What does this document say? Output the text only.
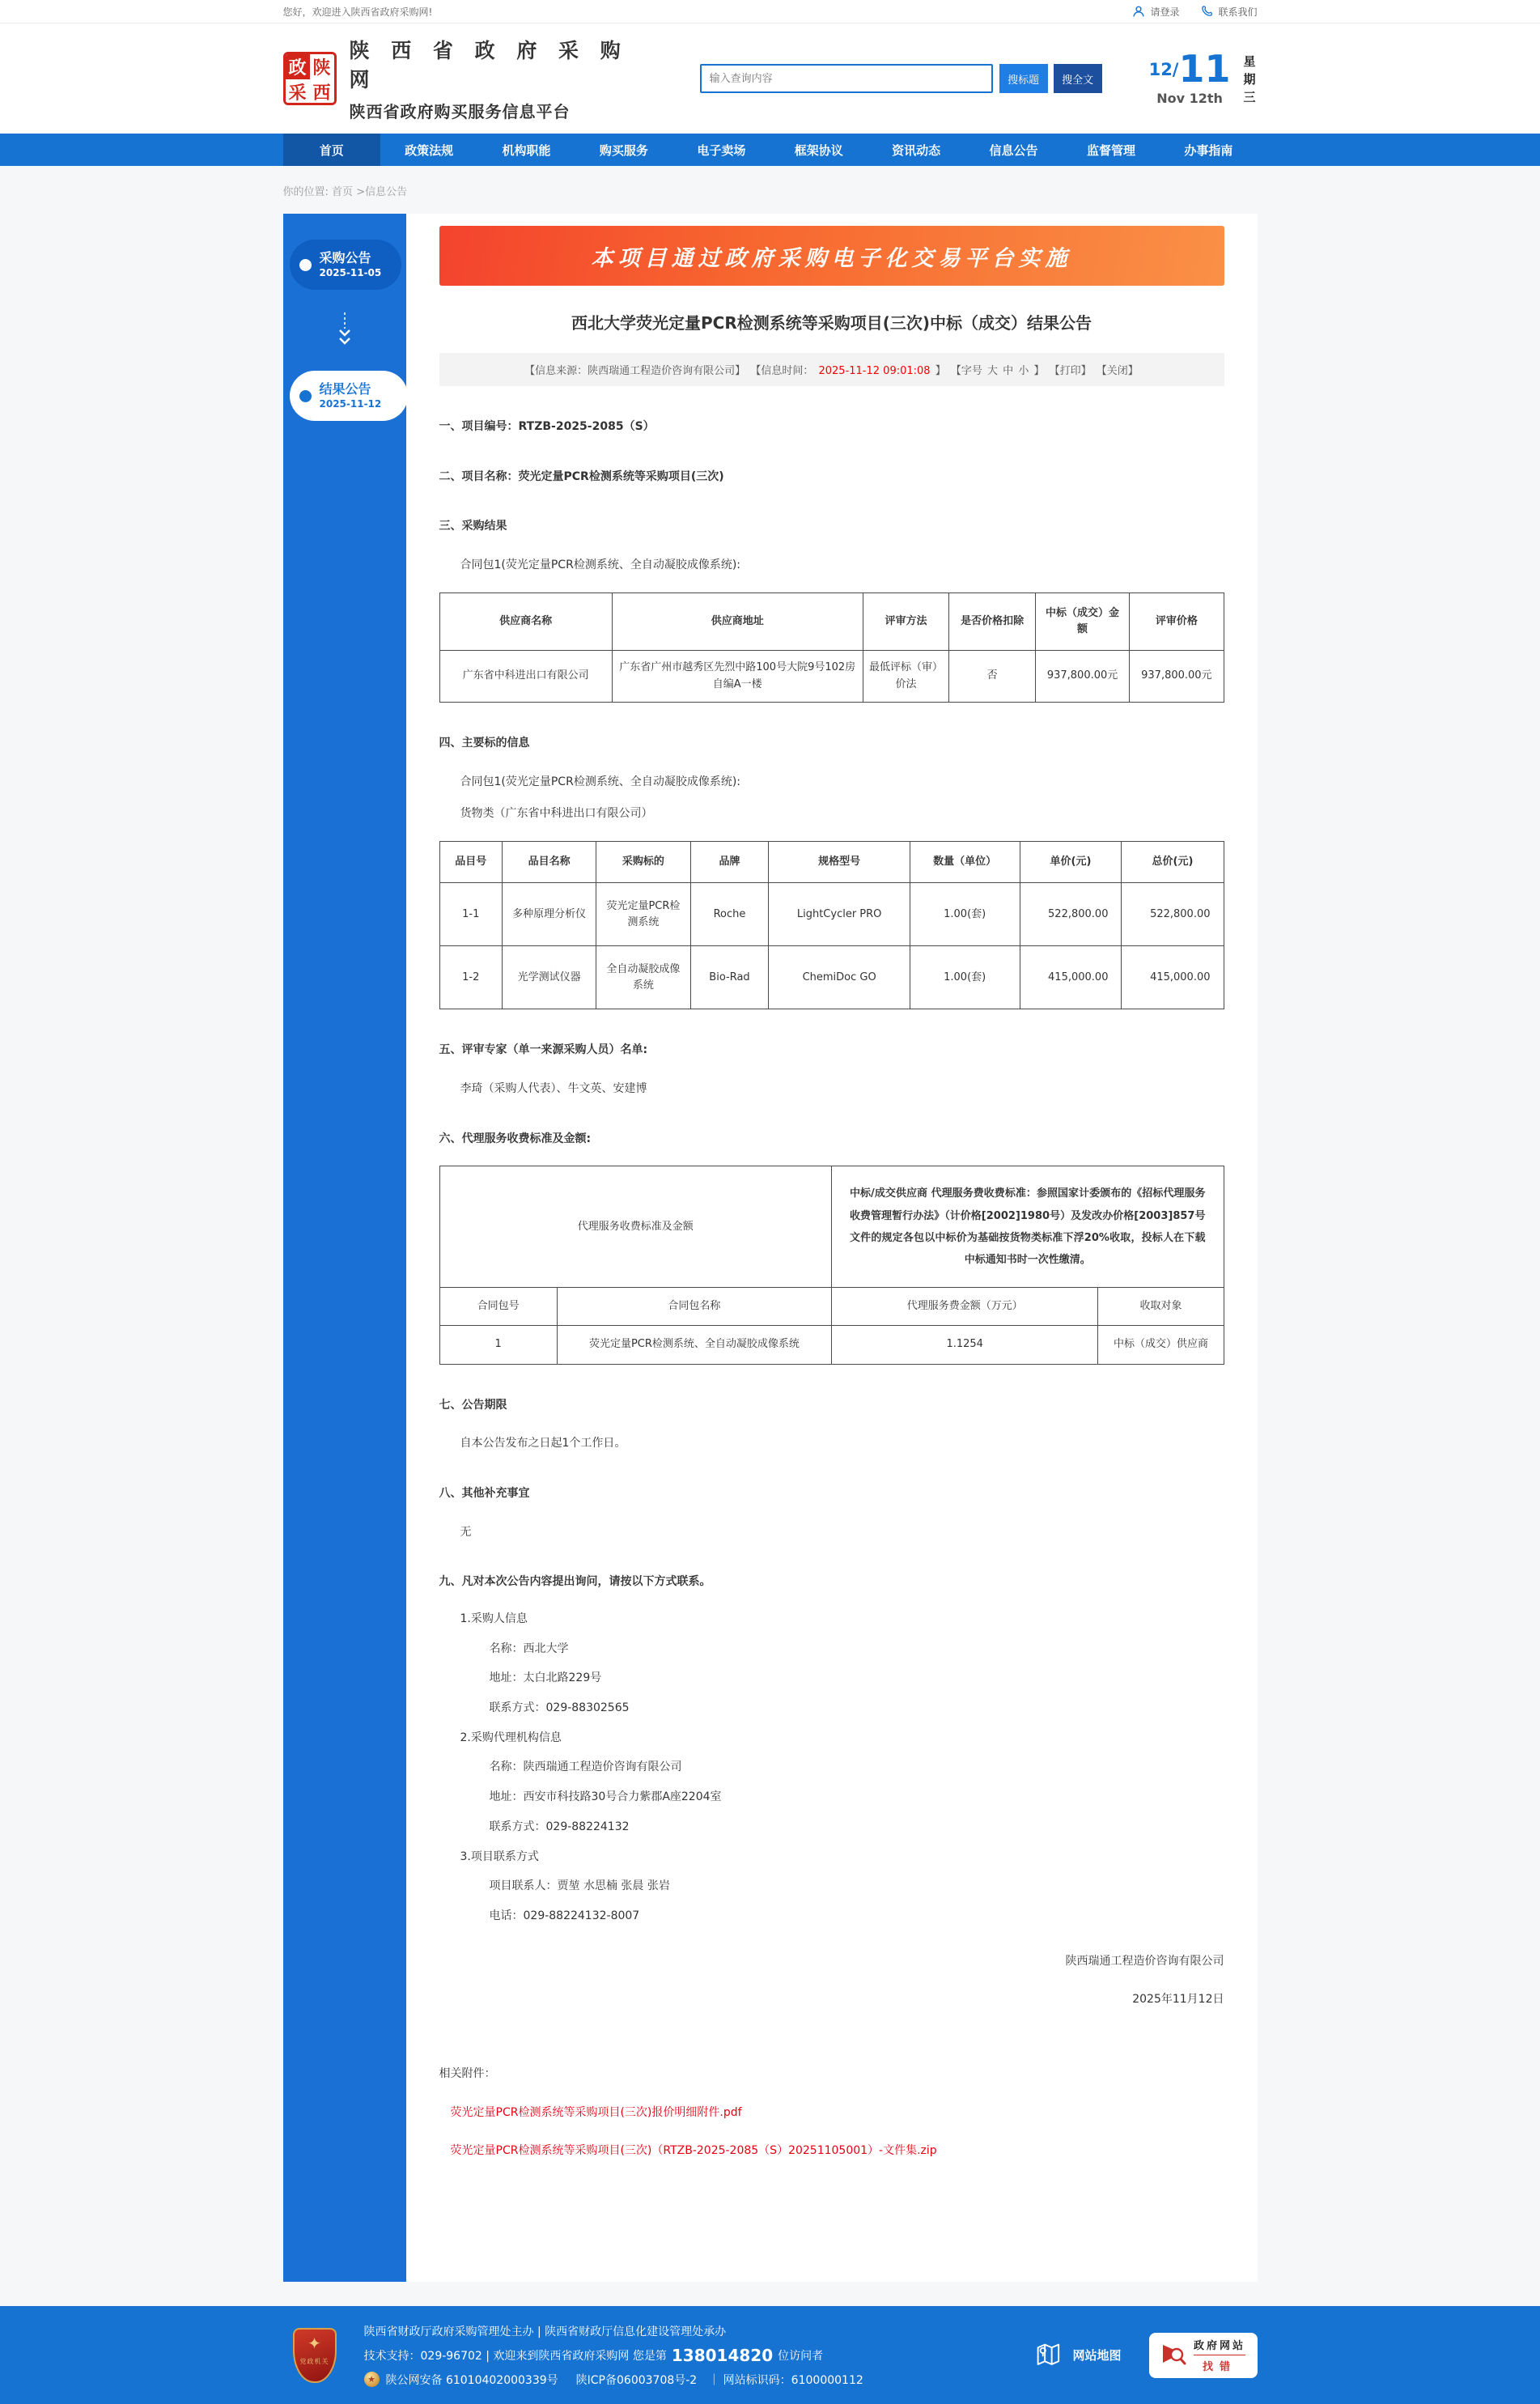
您好，欢迎进入陕西省政府采购网!	请登录	联系我们
政 陕
采 西
陕 西 省 政 府 采 购 网
陕西省政府购买服务信息平台
输入查询内容
搜标题	搜全文
12/ 11
Nov 12th
星期三
首页	政策法规	机构职能	购买服务	电子卖场	框架协议	资讯动态	信息公告	监督管理	办事指南
你的位置: 首页 >信息公告
采购公告
2025-11-05
结果公告
2025-11-12
本项目通过政府采购电子化交易平台实施
西北大学荧光定量PCR检测系统等采购项目(三次)中标（成交）结果公告
【信息来源：陕西瑞通工程造价咨询有限公司】 【信息时间： 2025-11-12 09:01:08 】 【字号 大 中 小 】 【打印】 【关闭】
一、项目编号：RTZB-2025-2085（S）
二、项目名称：荧光定量PCR检测系统等采购项目(三次)
三、采购结果
合同包1(荧光定量PCR检测系统、全自动凝胶成像系统):
供应商名称	供应商地址	评审方法	是否价格扣除	中标（成交）金额	评审价格
广东省中科进出口有限公司	广东省广州市越秀区先烈中路100号大院9号102房自编A一楼	最低评标（审）价法	否	937,800.00元	937,800.00元
四、主要标的信息
合同包1(荧光定量PCR检测系统、全自动凝胶成像系统):
货物类（广东省中科进出口有限公司）
品目号	品目名称	采购标的	品牌	规格型号	数量（单位）	单价(元)	总价(元)
1-1	多种原理分析仪	荧光定量PCR检测系统	Roche	LightCycler PRO	1.00(套)	522,800.00	522,800.00
1-2	光学测试仪器	全自动凝胶成像系统	Bio-Rad	ChemiDoc GO	1.00(套)	415,000.00	415,000.00
五、评审专家（单一来源采购人员）名单:
李琦（采购人代表）、牛文英、安建博
六、代理服务收费标准及金额:
代理服务收费标准及金额		中标/成交供应商 代理服务费收费标准：参照国家计委颁布的《招标代理服务收费管理暂行办法》（计价格[2002]1980号）及发改办价格[2003]857号文件的规定各包以中标价为基础按货物类标准下浮20%收取，投标人在下载中标通知书时一次性缴清。	
合同包号	合同包名称	代理服务费金额（万元）	收取对象
1	荧光定量PCR检测系统、全自动凝胶成像系统	1.1254	中标（成交）供应商
七、公告期限
自本公告发布之日起1个工作日。
八、其他补充事宜
无
九、凡对本次公告内容提出询问，请按以下方式联系。
1.采购人信息
名称：西北大学
地址：太白北路229号
联系方式：029-88302565
2.采购代理机构信息
名称：陕西瑞通工程造价咨询有限公司
地址：西安市科技路30号合力紫郡A座2204室
联系方式：029-88224132
3.项目联系方式
项目联系人：贾堃 水思楠 张晨 张岩
电话：029-88224132-8007
陕西瑞通工程造价咨询有限公司
2025年11月12日
相关附件：
荧光定量PCR检测系统等采购项目(三次)报价明细附件.pdf
荧光定量PCR检测系统等采购项目(三次)（RTZB-2025-2085（S）20251105001）-文件集.zip
✦
党政机关
陕西省财政厅政府采购管理处主办 | 陕西省财政厅信息化建设管理处承办
技术支持：029-96702 | 欢迎来到陕西省政府采购网 您是第 138014820 位访问者
★ 陕公网安备 61010402000339号 陕ICP备06003708号-2 ｜ 网站标识码：6100000112
网站地图
政府网站
找错
